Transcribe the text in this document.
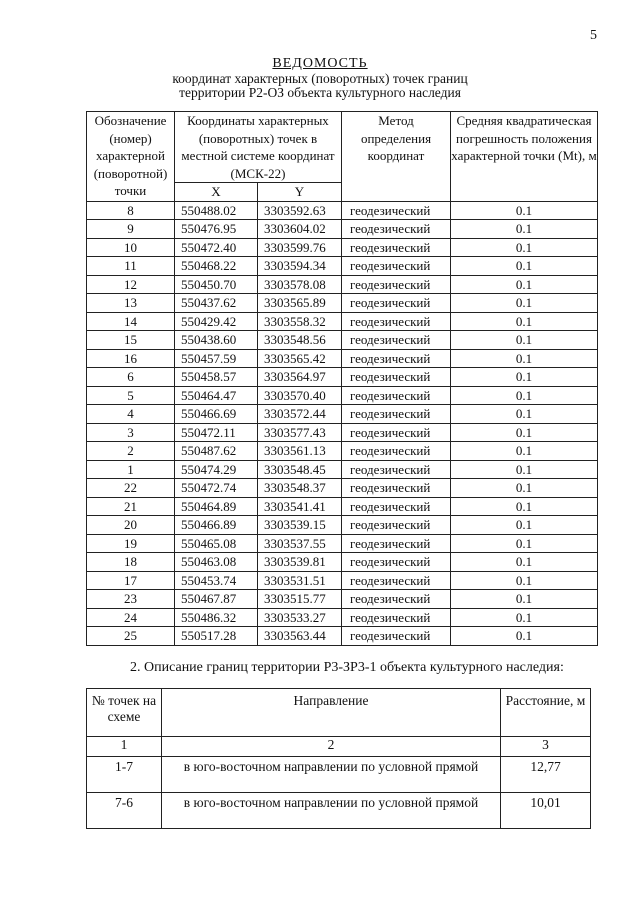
5
ВЕДОМОСТЬ
координат характерных (поворотных) точек границ
территории Р2-ОЗ объекта культурного наследия
Обозначение (номер) характерной (поворотной) точки	Координаты характерных (поворотных) точек в местной системе координат (МСК-22)		Метод определения координат	Средняя квадратическая погрешность положения характерной точки (Mt), м
	X	Y		
8	550488.02	3303592.63	геодезический	0.1
9	550476.95	3303604.02	геодезический	0.1
10	550472.40	3303599.76	геодезический	0.1
11	550468.22	3303594.34	геодезический	0.1
12	550450.70	3303578.08	геодезический	0.1
13	550437.62	3303565.89	геодезический	0.1
14	550429.42	3303558.32	геодезический	0.1
15	550438.60	3303548.56	геодезический	0.1
16	550457.59	3303565.42	геодезический	0.1
6	550458.57	3303564.97	геодезический	0.1
5	550464.47	3303570.40	геодезический	0.1
4	550466.69	3303572.44	геодезический	0.1
3	550472.11	3303577.43	геодезический	0.1
2	550487.62	3303561.13	геодезический	0.1
1	550474.29	3303548.45	геодезический	0.1
22	550472.74	3303548.37	геодезический	0.1
21	550464.89	3303541.41	геодезический	0.1
20	550466.89	3303539.15	геодезический	0.1
19	550465.08	3303537.55	геодезический	0.1
18	550463.08	3303539.81	геодезический	0.1
17	550453.74	3303531.51	геодезический	0.1
23	550467.87	3303515.77	геодезический	0.1
24	550486.32	3303533.27	геодезический	0.1
25	550517.28	3303563.44	геодезический	0.1
2. Описание границ территории Р3-ЗР3-1 объекта культурного наследия:
№ точек на схеме	Направление	Расстояние, м
1	2	3
1-7	в юго-восточном направлении по условной прямой	12,77
7-6	в юго-восточном направлении по условной прямой	10,01
